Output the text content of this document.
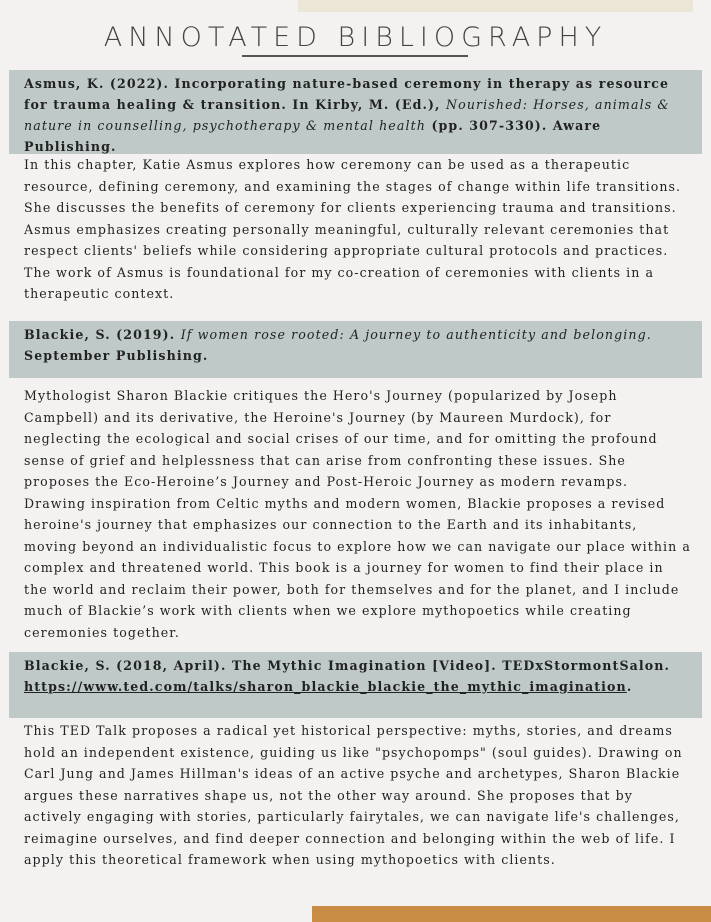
ANNOTATED BIBLIOGRAPHY
Asmus, K. (2022). Incorporating nature-based ceremony in therapy as resource for trauma healing & transition. In Kirby, M. (Ed.), Nourished: Horses, animals & nature in counselling, psychotherapy & mental health (pp. 307-330). Aware Publishing.
In this chapter, Katie Asmus explores how ceremony can be used as a therapeutic resource, defining ceremony, and examining the stages of change within life transitions. She discusses the benefits of ceremony for clients experiencing trauma and transitions. Asmus emphasizes creating personally meaningful, culturally relevant ceremonies that respect clients' beliefs while considering appropriate cultural protocols and practices. The work of Asmus is foundational for my co-creation of ceremonies with clients in a therapeutic context.
Blackie, S. (2019). If women rose rooted: A journey to authenticity and belonging. September Publishing.
Mythologist Sharon Blackie critiques the Hero's Journey (popularized by Joseph Campbell) and its derivative, the Heroine's Journey (by Maureen Murdock), for neglecting the ecological and social crises of our time, and for omitting the profound sense of grief and helplessness that can arise from confronting these issues. She proposes the Eco-Heroine’s Journey and Post-Heroic Journey as modern revamps. Drawing inspiration from Celtic myths and modern women, Blackie proposes a revised heroine's journey that emphasizes our connection to the Earth and its inhabitants, moving beyond an individualistic focus to explore how we can navigate our place within a complex and threatened world. This book is a journey for women to find their place in the world and reclaim their power, both for themselves and for the planet, and I include much of Blackie’s work with clients when we explore mythopoetics while creating ceremonies together.
Blackie, S. (2018, April). The Mythic Imagination [Video]. TEDxStormontSalon.
https://www.ted.com/talks/sharon_blackie_blackie_the_mythic_imagination.
This TED Talk proposes a radical yet historical perspective: myths, stories, and dreams hold an independent existence, guiding us like "psychopomps" (soul guides). Drawing on Carl Jung and James Hillman's ideas of an active psyche and archetypes, Sharon Blackie argues these narratives shape us, not the other way around. She proposes that by actively engaging with stories, particularly fairytales, we can navigate life's challenges, reimagine ourselves, and find deeper connection and belonging within the web of life. I apply this theoretical framework when using mythopoetics with clients.
